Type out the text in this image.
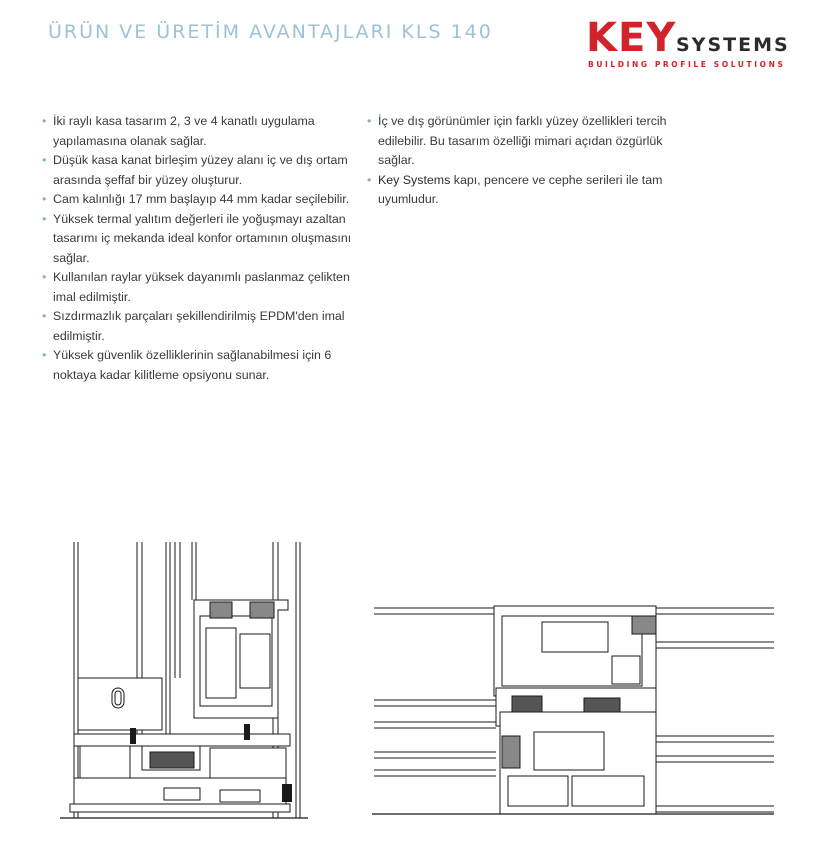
ÜRÜN VE ÜRETİM AVANTAJLARI KLS 140 KEY SYSTEMS
BUILDING PROFILE SOLUTIONS
• İki raylı kasa tasarım 2, 3 ve 4 kanatlı uygulama yapılamasına olanak sağlar.
• Düşük kasa kanat birleşim yüzey alanı iç ve dış ortam arasında şeffaf bir yüzey oluşturur.
• Cam kalınlığı 17 mm başlayıp 44 mm kadar seçilebilir.
• Yüksek termal yalıtım değerleri ile yoğuşmayı azaltan tasarımı iç mekanda ideal konfor ortamının oluşmasını sağlar.
• Kullanılan raylar yüksek dayanımlı paslanmaz çelikten imal edilmiştir.
• Sızdırmazlık parçaları şekillendirilmiş EPDM'den imal edilmiştir.
• Yüksek güvenlik özelliklerinin sağlanabilmesi için 6 noktaya kadar kilitleme opsiyonu sunar.
• İç ve dış görünümler için farklı yüzey özellikleri tercih edilebilir. Bu tasarım özelliği mimari açıdan özgürlük sağlar.
• Key Systems kapı, pencere ve cephe serileri ile tam uyumludur.
